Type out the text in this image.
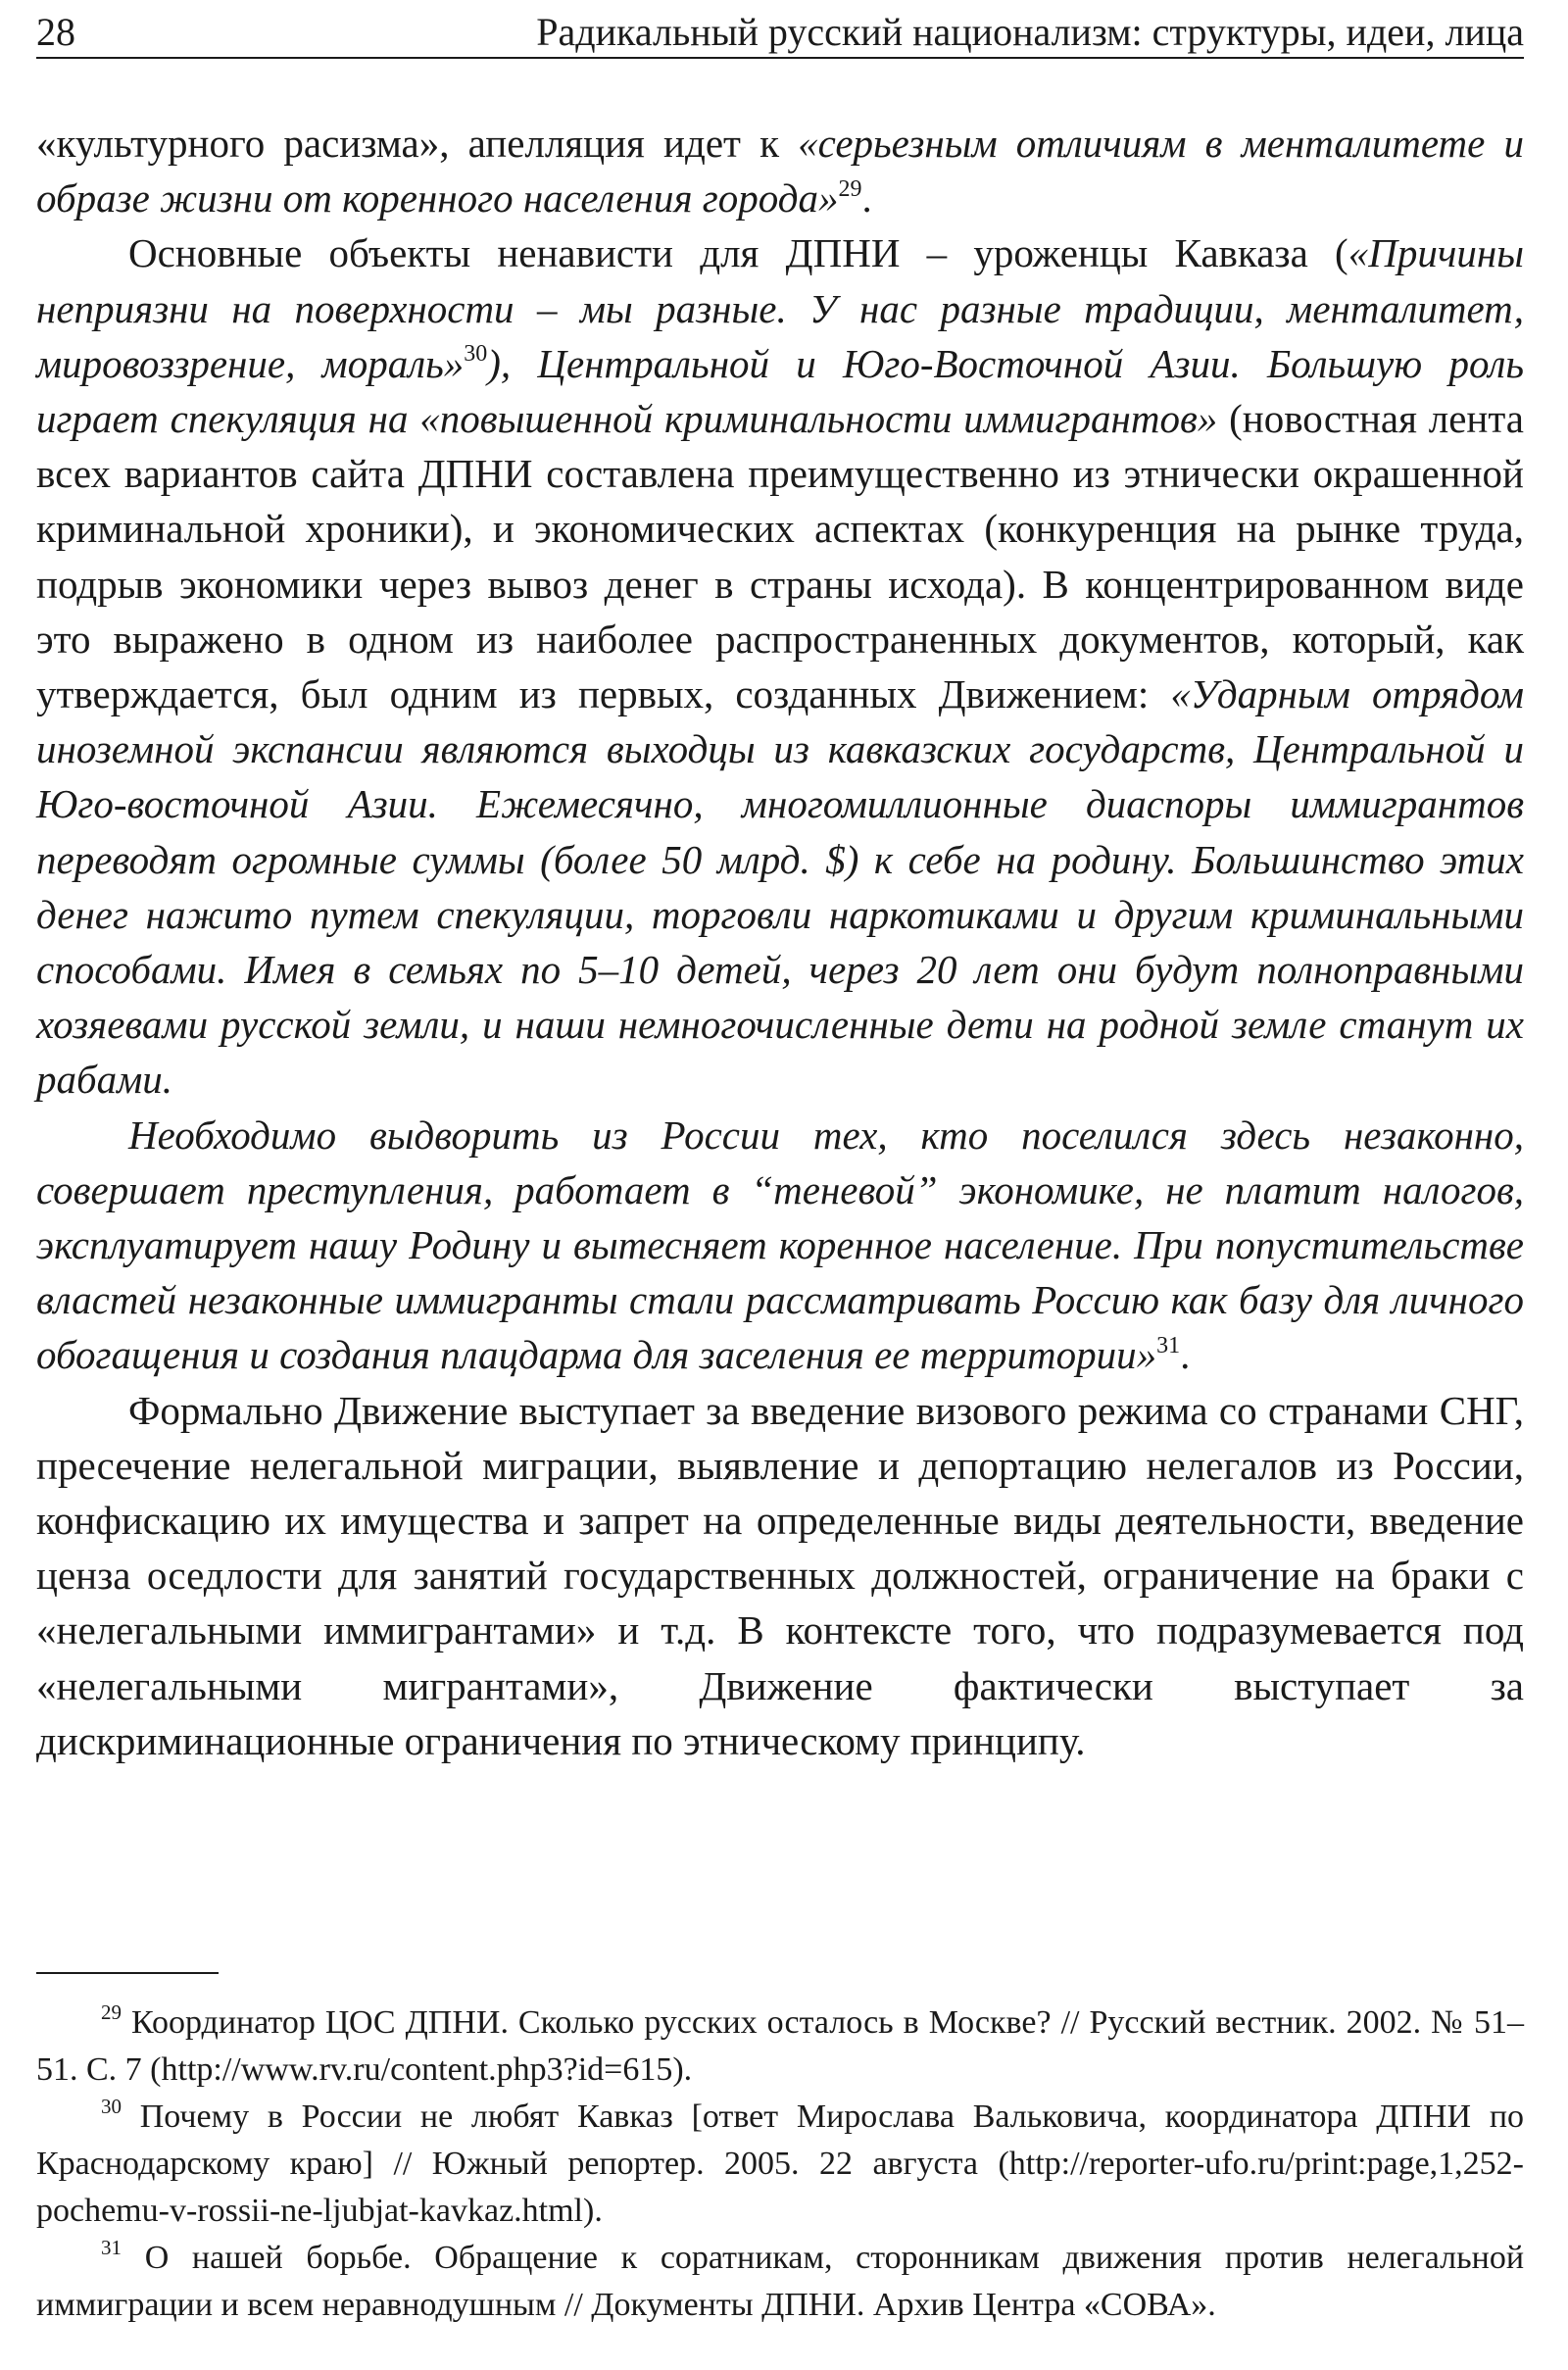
28	Радикальный русский национализм: структуры, идеи, лица

«культурного расизма», апелляция идет к «серьезным отличиям в менталитете и образе жизни от коренного населения города»$^{29}$.

Основные объекты ненависти для ДПНИ – уроженцы Кавказа («Причины неприязни на поверхности – мы разные. У нас разные традиции, менталитет, мировоззрение, мораль»$^{30}$), Центральной и Юго-Восточной Азии. Большую роль играет спекуляция на «повышенной криминальности иммигрантов» (новостная лента всех вариантов сайта ДПНИ составлена преимущественно из этнически окрашенной криминальной хроники), и экономических аспектах (конкуренция на рынке труда, подрыв экономики через вывоз денег в страны исхода). В концентрированном виде это выражено в одном из наиболее распространенных документов, который, как утверждается, был одним из первых, созданных Движением: «Ударным отрядом иноземной экспансии являются выходцы из кавказских государств, Центральной и Юго-восточной Азии. Ежемесячно, многомиллионные диаспоры иммигрантов переводят огромные суммы (более 50 млрд. $) к себе на родину. Большинство этих денег нажито путем спекуляции, торговли наркотиками и другим криминальными способами. Имея в семьях по 5–10 детей, через 20 лет они будут полноправными хозяевами русской земли, и наши немногочисленные дети на родной земле станут их рабами.

Необходимо выдворить из России тех, кто поселился здесь незаконно, совершает преступления, работает в “теневой” экономике, не платит налогов, эксплуатирует нашу Родину и вытесняет коренное население. При попустительстве властей незаконные иммигранты стали рассматривать Россию как базу для личного обогащения и создания плацдарма для заселения ее территории»$^{31}$.

Формально Движение выступает за введение визового режима со странами СНГ, пресечение нелегальной миграции, выявление и депортацию нелегалов из России, конфискацию их имущества и запрет на определенные виды деятельности, введение ценза оседлости для занятий государственных должностей, ограничение на браки с «нелегальными иммигрантами» и т.д. В контексте того, что подразумевается под «нелегальными мигрантами», Движение фактически выступает за дискриминационные ограничения по этническому принципу.

$^{29}$ Координатор ЦОС ДПНИ. Сколько русских осталось в Москве? // Русский вестник. 2002. № 51–51. С. 7 (http://www.rv.ru/content.php3?id=615).

$^{30}$ Почему в России не любят Кавказ [ответ Мирослава Вальковича, координатора ДПНИ по Краснодарскому краю] // Южный репортер. 2005. 22 августа (http://reporter-ufo.ru/print:page,1,252-pochemu-v-rossii-ne-ljubjat-kavkaz.html).

$^{31}$ О нашей борьбе. Обращение к соратникам, сторонникам движения против нелегальной иммиграции и всем неравнодушным // Документы ДПНИ. Архив Центра «СОВА».
